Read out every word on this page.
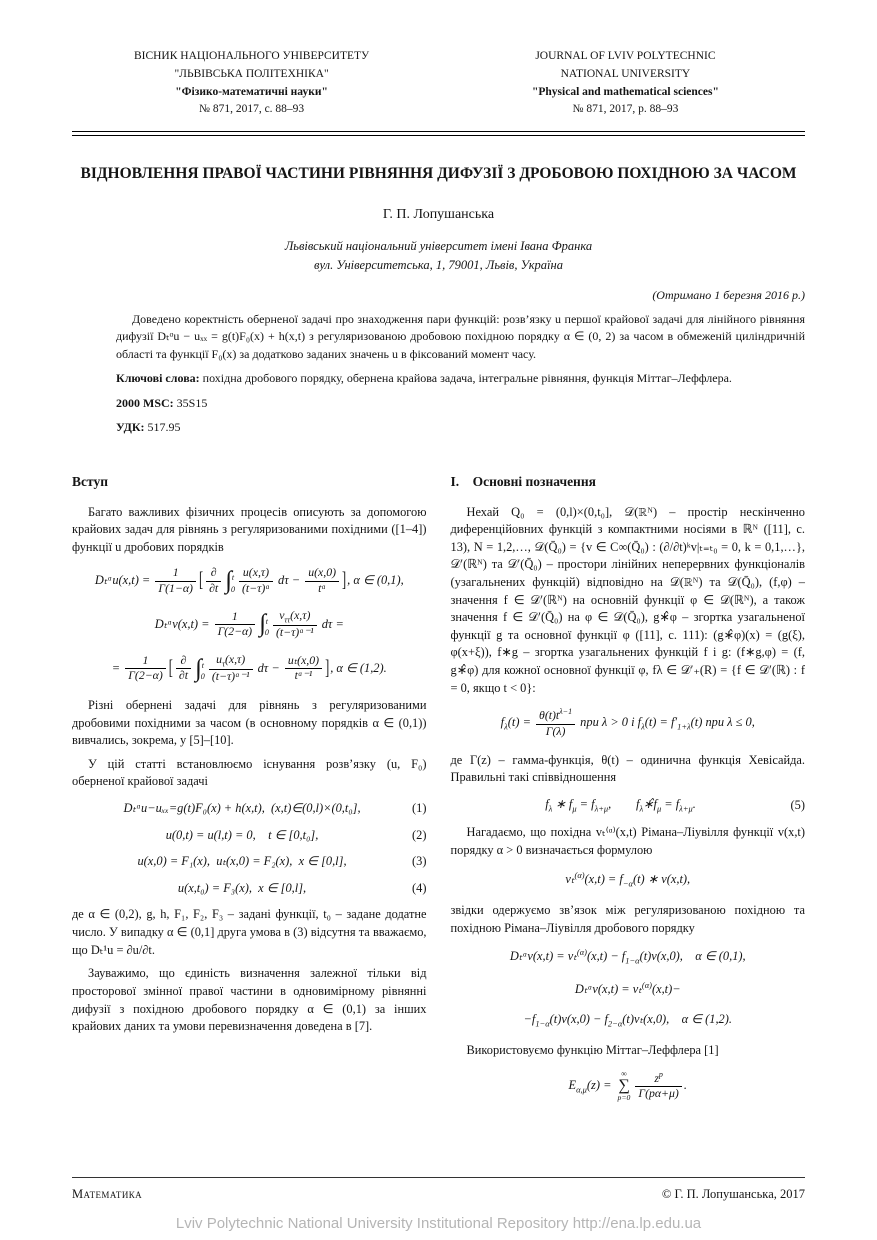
ВІСНИК НАЦІОНАЛЬНОГО УНІВЕРСИТЕТУ
"ЛЬВІВСЬКА ПОЛІТЕХНІКА"
"Фізико-математичні науки"
№ 871, 2017, с. 88–93
JOURNAL OF LVIV POLYTECHNIC
NATIONAL UNIVERSITY
"Physical and mathematical sciences"
№ 871, 2017, p. 88–93
ВІДНОВЛЕННЯ ПРАВОЇ ЧАСТИНИ РІВНЯННЯ ДИФУЗІЇ З ДРОБОВОЮ ПОХІДНОЮ ЗА ЧАСОМ
Г. П. Лопушанська
Львівський національний університет імені Івана Франка
вул. Університетська, 1, 79001, Львів, Україна
(Отримано 1 березня 2016 р.)

Доведено коректність оберненої задачі про знаходження пари функцій: розв’язку u першої крайової задачі для лінійного рівняння дифузії Dₜᵅu − uₓₓ = g(t)F₀(x) + h(x,t) з регуляризованою дробовою похідною порядку α ∈ (0, 2) за часом в обмеженій циліндричній області та функції F₀(x) за додатково заданих значень u в фіксований момент часу.

Ключові слова: похідна дробового порядку, обернена крайова задача, інтегральне рівняння, функція Міттаг–Леффлера.

2000 MSC: 35S15

УДК: 517.95

Вступ

Багато важливих фізичних процесів описують за допомогою крайових задач для рівнянь з регуляризованими похідними ([1–4]) функції u дробових порядків

Dₜᵅu(x,t) = $\frac{1}{\Gamma(1-\alpha)}$ [ $\frac{\partial}{\partial t}$ ∫ t
$0 \frac{u(x,\tau)}{\text{(t−τ)ᵅ}}$ $d\tau - \frac{u(x,0)}{\text{tᵅ}}$ ], α ∈ (0,1),
Dₜᵅv(x,t) = $\frac{1}{\Gamma(2-\alpha)}$ ∫ t
$0 \frac{v_{\tau\tau}(x,\tau)}{\text{(t−τ)ᵅ⁻¹}}$ dτ =
= $\frac{1}{\Gamma(2-\alpha)}$ [ $\frac{\partial}{\partial t}$ ∫ t
$0 \frac{u_\tau(x,\tau)}{\text{(t−τ)ᵅ⁻¹}}$ $d\tau - \frac{\text{uₜ(x,0)}}{\text{tᵅ⁻¹}}$ ], α ∈ (1,2).

Різні обернені задачі для рівнянь з регуляризованими дробовими похідними за часом (в основному порядків α ∈ (0,1)) вивчались, зокрема, у [5]–[10].

У цій статті встановлюємо існування розв’язку (u, F₀) оберненої крайової задачі

Dₜᵅu−uₓₓ=g(t)F₀(x) + h(x,t), (x,t)∈(0,l)×(0,t₀],	(1)
u(0,t) = u(l,t) = 0, t ∈ [0,t₀],	(2)
u(x,0) = F₁(x), uₜ(x,0) = F₂(x), x ∈ [0,l],	(3)
u(x,t₀) = F₃(x), x ∈ [0,l],	(4)

де α ∈ (0,2), g, h, F₁, F₂, F₃ – задані функції, t₀ – задане додатне число. У випадку α ∈ (0,1] друга умова в (3) відсутня та вважаємо, що Dₜ¹u = ∂u/∂t.

Зауважимо, що єдиність визначення залежної тільки від просторової змінної правої частини в одновимірному рівнянні дифузії з похідною дробового порядку α ∈ (0,1) за інших крайових даних та умови перевизначення доведена в [7].

I. Основні позначення

Нехай Q₀ = (0,l)×(0,t₀], 𝒟(ℝᴺ) – простір нескінченно диференційовних функцій з компактними носіями в ℝᴺ ([11], с. 13), N = 1,2,…, 𝒟(Q̄₀) = {v ∈ C∞(Q̄₀) : (∂/∂t)ᵏv|ₜ₌ₜ₀ = 0, k = 0,1,…}, 𝒟′(ℝᴺ) та 𝒟′(Q̄₀) – простори лінійних неперервних функціоналів (узагальнених функцій) відповідно на 𝒟(ℝᴺ) та 𝒟(Q̄₀), (f,φ) – значення f ∈ 𝒟′(ℝᴺ) на основній функції φ ∈ 𝒟(ℝᴺ), а також значення f ∈ 𝒟′(Q̄₀) на φ ∈ 𝒟(Q̄₀), g∗̂φ – згортка узагальненої функції g та основної функції φ ([11], с. 111): (g∗̂φ)(x) = (g(ξ), φ(x+ξ)), f∗g – згортка узагальнених функцій f і g: (f∗g,φ) = (f, g∗̂φ) для кожної основної функції φ, fλ ∈ 𝒟′₊(R) = {f ∈ 𝒟′(ℝ) : f = 0, якщо t < 0}:

$f_\lambda(t) = \frac{\theta(t)t^{\lambda-1}}{\Gamma(\lambda)}$ при λ > 0 і $f_\lambda(t) = f'_{1+\lambda}(t)$ при λ ≤ 0,

де Γ(z) – гамма-функція, θ(t) – одинична функція Хевісайда. Правильні такі співвідношення

$f_\lambda$ ∗ $f_\mu = f_{\lambda+\mu}$,  $f_\lambda∗̂f_\mu = f_{\lambda+\mu}$.	(5)

Нагадаємо, що похідна vₜ⁽ᵅ⁾(x,t) Рімана–Ліувілля функції v(x,t) порядку α > 0 визначається формулою

$v_t^{(\alpha)}(x,t) = f_{-\alpha}(t)$ ∗ v(x,t),

звідки одержуємо зв’язок між регуляризованою похідною та похідною Рімана–Ліувілля дробового порядку

Dₜᵅv(x,t) = $v_t^{(\alpha)}(x,t) - f_{1-\alpha}(t)v(x,0)$, α ∈ (0,1),
Dₜᵅv(x,t) = vₜ$^{(\alpha)}$(x,t)−
$-f_{1-\alpha}(t)v(x,0) - f_{2-\alpha}(t)v_t(x,0)$, α ∈ (1,2).

Використовуємо функцію Міттаг–Леффлера [1]

$E_{\alpha,\mu}(z)$ =
∞
∑
$p=0 \frac{z^p}{\Gamma(p\alpha+\mu)}$ .
Математика	© Г. П. Лопушанська, 2017
Lviv Polytechnic National University Institutional Repository http://ena.lp.edu.ua
